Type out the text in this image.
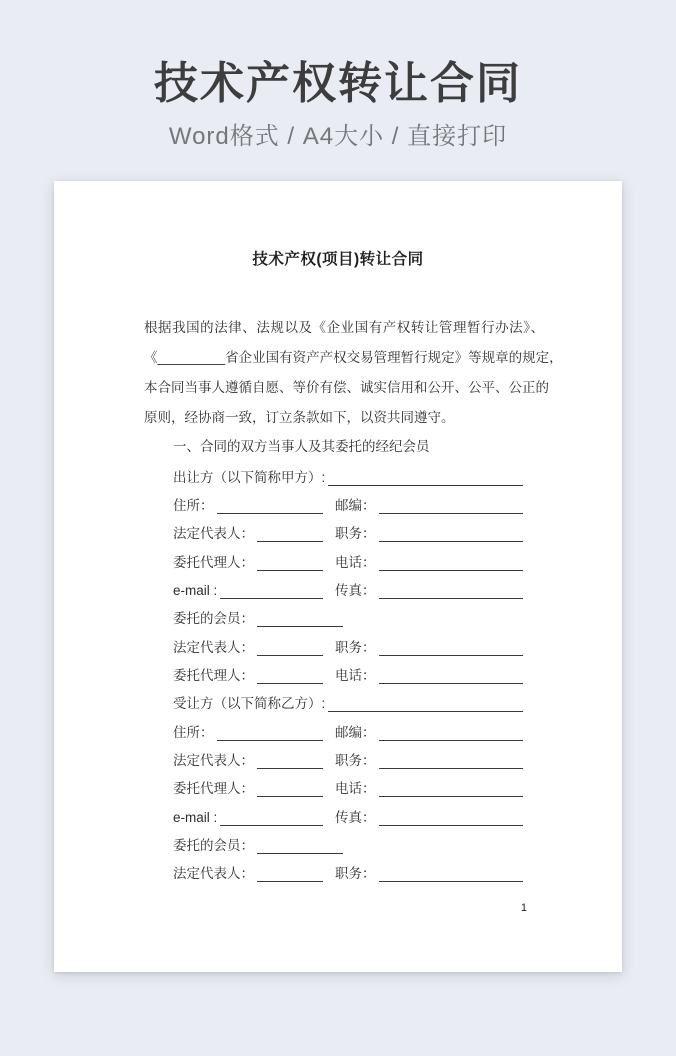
技术产权转让合同
Word格式 / A4大小 / 直接打印
技术产权(项目)转让合同
根据我国的法律、法规以及《企业国有产权转让管理暂行办法》、
《_________省企业国有资产产权交易管理暂行规定》等规章的规定，
本合同当事人遵循自愿、等价有偿、诚实信用和公开、公平、公正的
原则，经协商一致，订立条款如下，以资共同遵守。
一、合同的双方当事人及其委托的经纪会员
出让方（以下简称甲方）:
住所：	邮编：
法定代表人：	职务：
委托代理人：	电话：
e-mail :	传真：
委托的会员：
法定代表人：	职务：
委托代理人：	电话：
受让方（以下简称乙方）:
住所：	邮编：
法定代表人：	职务：
委托代理人：	电话：
e-mail :	传真：
委托的会员：
法定代表人：	职务：
1
